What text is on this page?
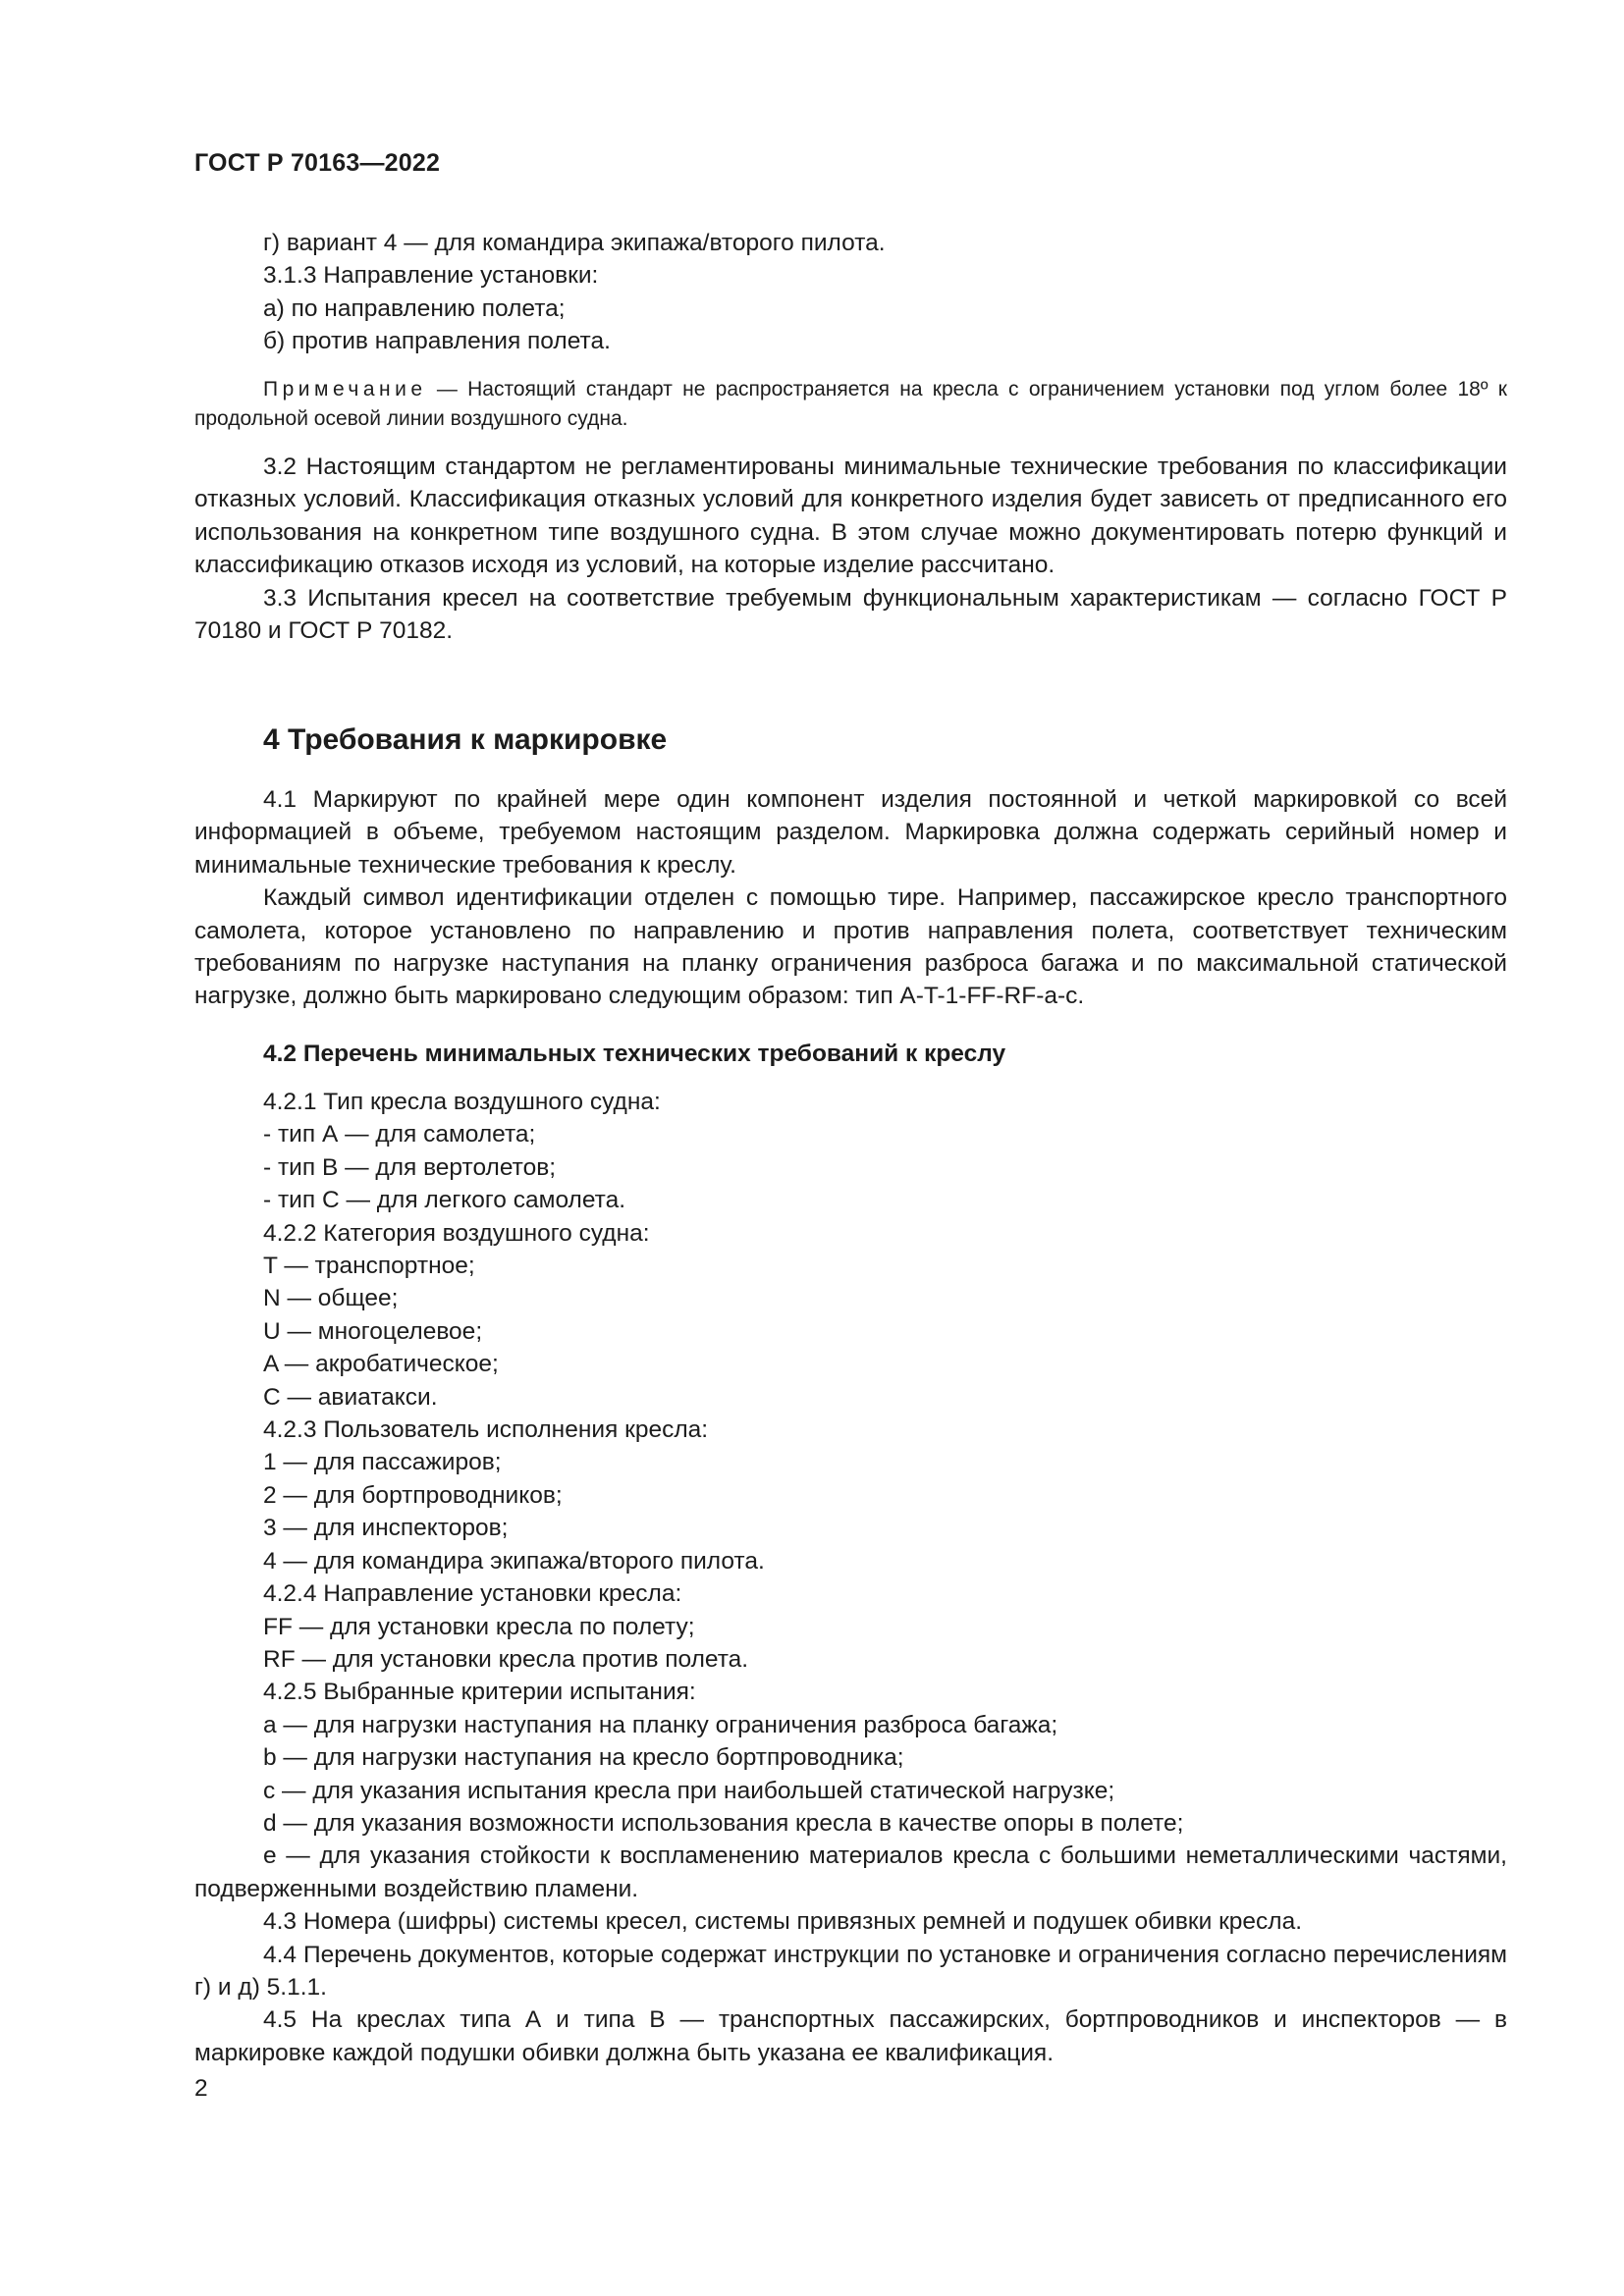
ГОСТ Р 70163—2022

г) вариант 4 — для командира экипажа/второго пилота.

3.1.3 Направление установки:

а) по направлению полета;

б) против направления полета.

Примечание — Настоящий стандарт не распространяется на кресла с ограничением установки под углом более 18º к продольной осевой линии воздушного судна.

3.2 Настоящим стандартом не регламентированы минимальные технические требования по классификации отказных условий. Классификация отказных условий для конкретного изделия будет зависеть от предписанного его использования на конкретном типе воздушного судна. В этом случае можно документировать потерю функций и классификацию отказов исходя из условий, на которые изделие рассчитано.

3.3 Испытания кресел на соответствие требуемым функциональным характеристикам — согласно ГОСТ Р 70180 и ГОСТ Р 70182.

4 Требования к маркировке

4.1 Маркируют по крайней мере один компонент изделия постоянной и четкой маркировкой со всей информацией в объеме, требуемом настоящим разделом. Маркировка должна содержать серийный номер и минимальные технические требования к креслу.

Каждый символ идентификации отделен с помощью тире. Например, пассажирское кресло транспортного самолета, которое установлено по направлению и против направления полета, соответствует техническим требованиям по нагрузке наступания на планку ограничения разброса багажа и по максимальной статической нагрузке, должно быть маркировано следующим образом: тип A-T-1-FF-RF-a-c.

4.2 Перечень минимальных технических требований к креслу

4.2.1 Тип кресла воздушного судна:

- тип А — для самолета;

- тип В — для вертолетов;

- тип С — для легкого самолета.

4.2.2 Категория воздушного судна:

T — транспортное;

N — общее;

U — многоцелевое;

A — акробатическое;

C — авиатакси.

4.2.3 Пользователь исполнения кресла:

1 — для пассажиров;

2 — для бортпроводников;

3 — для инспекторов;

4 — для командира экипажа/второго пилота.

4.2.4 Направление установки кресла:

FF — для установки кресла по полету;

RF — для установки кресла против полета.

4.2.5 Выбранные критерии испытания:

a — для нагрузки наступания на планку ограничения разброса багажа;

b — для нагрузки наступания на кресло бортпроводника;

c — для указания испытания кресла при наибольшей статической нагрузке;

d — для указания возможности использования кресла в качестве опоры в полете;

e — для указания стойкости к воспламенению материалов кресла с большими неметаллическими частями, подверженными воздействию пламени.

4.3 Номера (шифры) системы кресел, системы привязных ремней и подушек обивки кресла.

4.4 Перечень документов, которые содержат инструкции по установке и ограничения согласно перечислениям г) и д) 5.1.1.

4.5 На креслах типа А и типа В — транспортных пассажирских, бортпроводников и инспекторов — в маркировке каждой подушки обивки должна быть указана ее квалификация.

2
